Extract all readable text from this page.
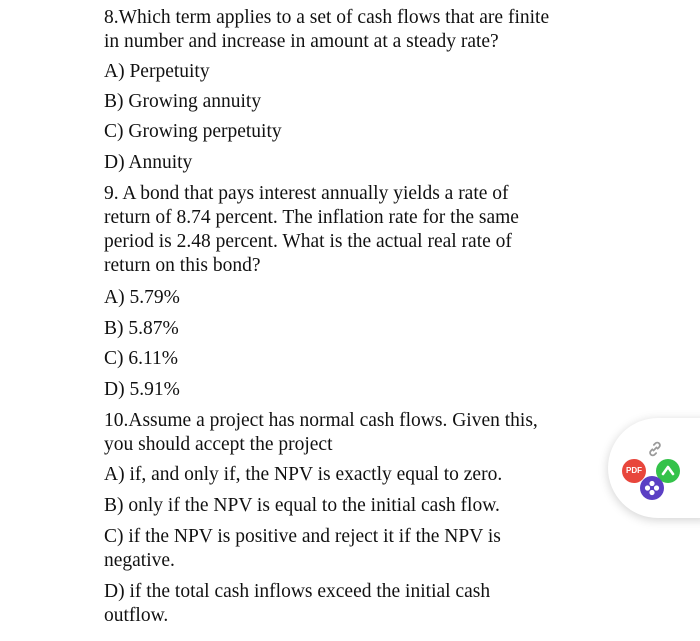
8.Which term applies to a set of cash flows that are finite

in number and increase in amount at a steady rate?

A) Perpetuity

B) Growing annuity

C) Growing perpetuity

D) Annuity

9. A bond that pays interest annually yields a rate of

return of 8.74 percent. The inflation rate for the same

period is 2.48 percent. What is the actual real rate of

return on this bond?

A) 5.79%

B) 5.87%

C) 6.11%

D) 5.91%

10.Assume a project has normal cash flows. Given this,

you should accept the project

A) if, and only if, the NPV is exactly equal to zero.

B) only if the NPV is equal to the initial cash flow.

C) if the NPV is positive and reject it if the NPV is

negative.

D) if the total cash inflows exceed the initial cash

outflow.

PDF
